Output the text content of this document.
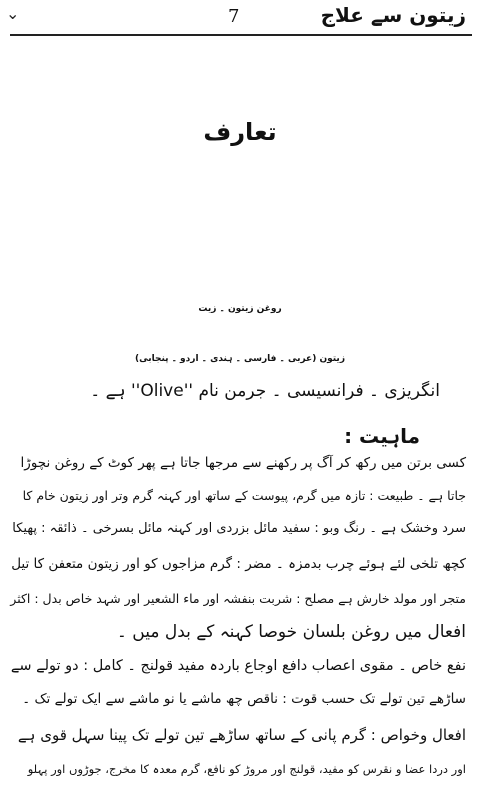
⌄	7	زیتون سے علاج
تعارف
روغن زیتون ۔ زیت
زیتون (عربی ۔ فارسی ۔ ہندی ۔ اردو ۔ پنجابی)
انگریزی ۔ فرانسیسی ۔ جرمن نام ''Olive'' ہے ۔
ماہیت :
کسی برتن میں رکھ کر آگ پر رکھنے سے مرجھا جاتا ہے پھر کوٹ کے روغن نچوڑا
جاتا ہے ۔ طبیعت : تازہ میں گرم، پیوست کے ساتھ اور کہنہ گرم وتر اور زیتون خام کا
سرد وخشک ہے ۔ رنگ وبو : سفید مائل بزردی اور کہنہ مائل بسرخی ۔ ذائقہ : پھیکا
کچھ تلخی لئے ہوئے چرب بدمزہ ۔ مضر : گرم مزاجوں کو اور زیتون متعفن کا تیل
متجر اور مولد خارش ہے مصلح : شربت بنفشہ اور ماء الشعیر اور شہد خاص بدل : اکثر
افعال میں روغن بلسان خوصا کہنہ کے بدل میں ۔
نفع خاص ۔ مقوی اعصاب دافع اوجاع باردہ مفید قولنج ۔ کامل : دو تولے سے
ساڑھے تین تولے تک حسب قوت : ناقص چھ ماشے یا نو ماشے سے ایک تولے تک ۔
افعال وخواص : گرم پانی کے ساتھ ساڑھے تین تولے تک پینا سہل قوی ہے
اور دردا عضا و نقرس کو مفید، قولنج اور مروڑ کو نافع، گرم معدہ کا مخرج، جوڑوں اور پہلو
